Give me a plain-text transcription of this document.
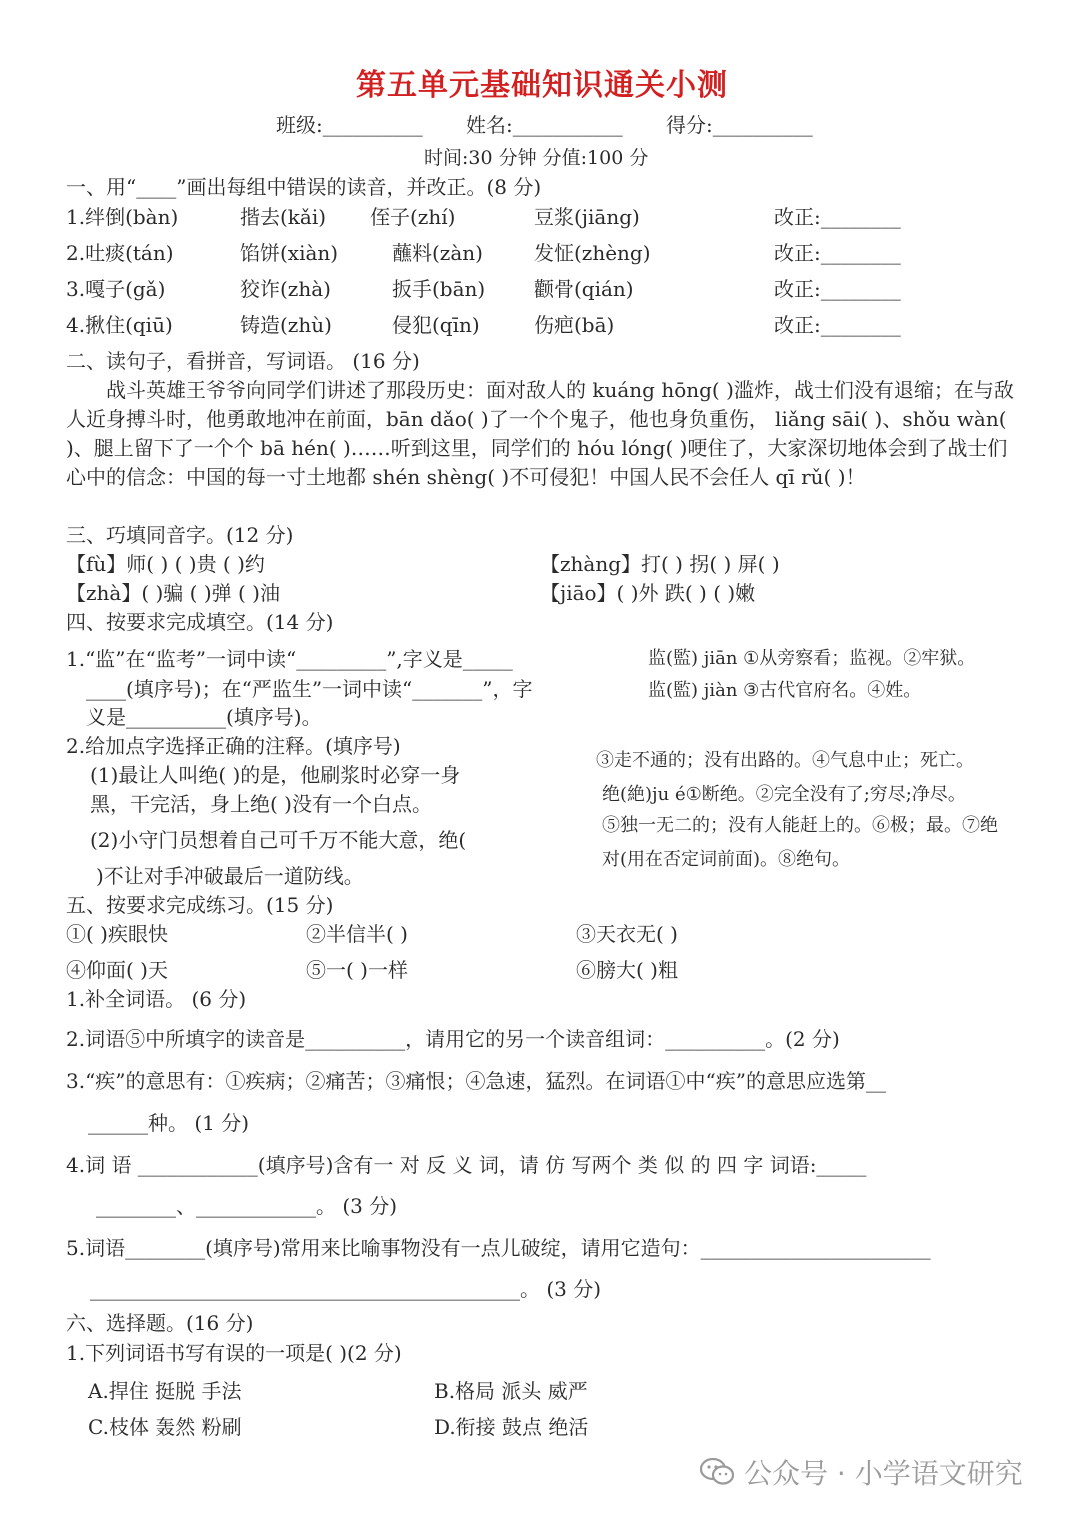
第五单元基础知识通关小测
班级:__________ 姓名:___________ 得分:__________
时间:30 分钟 分值:100 分
一、用“____”画出每组中错误的读音，并改正。(8 分)
1.绊倒(bàn)	揩去(kǎi) 侄子(zhí)	豆浆(jiāng)	改正:________
2.吐痰(tán)	馅饼(xiàn)	蘸料(zàn)	发怔(zhèng)	改正:________
3.嘎子(gǎ)	狡诈(zhà)	扳手(bān) 颧骨(qián)	改正:________
4.揪住(qiū)	铸造(zhù)	侵犯(qīn)	伤疤(bā)	改正:________
二、读句子，看拼音，写词语。 (16 分)
战斗英雄王爷爷向同学们讲述了那段历史：面对敌人的 kuáng hōng( )滥炸，战士们没有退缩；在与敌人近身搏斗时，他勇敢地冲在前面，bān dǎo( )了一个个鬼子，他也身负重伤， liǎng sāi( )、shǒu wàn( )、腿上留下了一个个 bā hén( )……听到这里，同学们的 hóu lóng( )哽住了，大家深切地体会到了战士们心中的信念：中国的每一寸土地都 shén shèng( )不可侵犯！中国人民不会任人 qī rǔ( )！
三、巧填同音字。(12 分)
【fù】师( ) ( )贵 ( )约	【zhàng】打( ) 拐( ) 屏( )
【zhà】( )骗 ( )弹 ( )油	【jiāo】( )外 跌( ) ( )嫩
四、按要求完成填空。(14 分)
1.“监”在“监考”一词中读“_________”,字义是_____
____(填序号)；在“严监生”一词中读“_______”，字
义是__________(填序号)。
监(監) jiān ①从旁察看；监视。②牢狱。
监(監) jiàn ③古代官府名。④姓。
2.给加点字选择正确的注释。(填序号)
(1)最让人叫绝( )的是，他刷浆时必穿一身
黑，干完活，身上绝( )没有一个白点。
(2)小守门员想着自己可千万不能大意，绝(
)不让对手冲破最后一道防线。
③走不通的；没有出路的。④气息中止；死亡。
绝(絶)ju é①断绝。②完全没有了;穷尽;净尽。
⑤独一无二的；没有人能赶上的。⑥极；最。⑦绝
对(用在否定词前面)。⑧绝句。
五、按要求完成练习。(15 分)
①( )疾眼快	②半信半( )	③天衣无( )
④仰面( )天	⑤一( )一样	⑥膀大( )粗
1.补全词语。 (6 分)
2.词语⑤中所填字的读音是__________，请用它的另一个读音组词：__________。(2 分)
3.“疾”的意思有：①疾病；②痛苦；③痛恨；④急速，猛烈。在词语①中“疾”的意思应选第__
______种。 (1 分)
4.词 语 ____________(填序号)含有一 对 反 义 词，请 仿 写两个 类 似 的 四 字 词语:_____
________、____________。 (3 分)
5.词语________(填序号)常用来比喻事物没有一点儿破绽，请用它造句：_______________________
___________________________________________。 (3 分)
六、选择题。(16 分)
1.下列词语书写有误的一项是( )(2 分)
A.捍住 挺脱 手法	B.格局 派头 威严
C.枝体 轰然 粉刷	D.衔接 鼓点 绝活
公众号 · 小学语文研究
